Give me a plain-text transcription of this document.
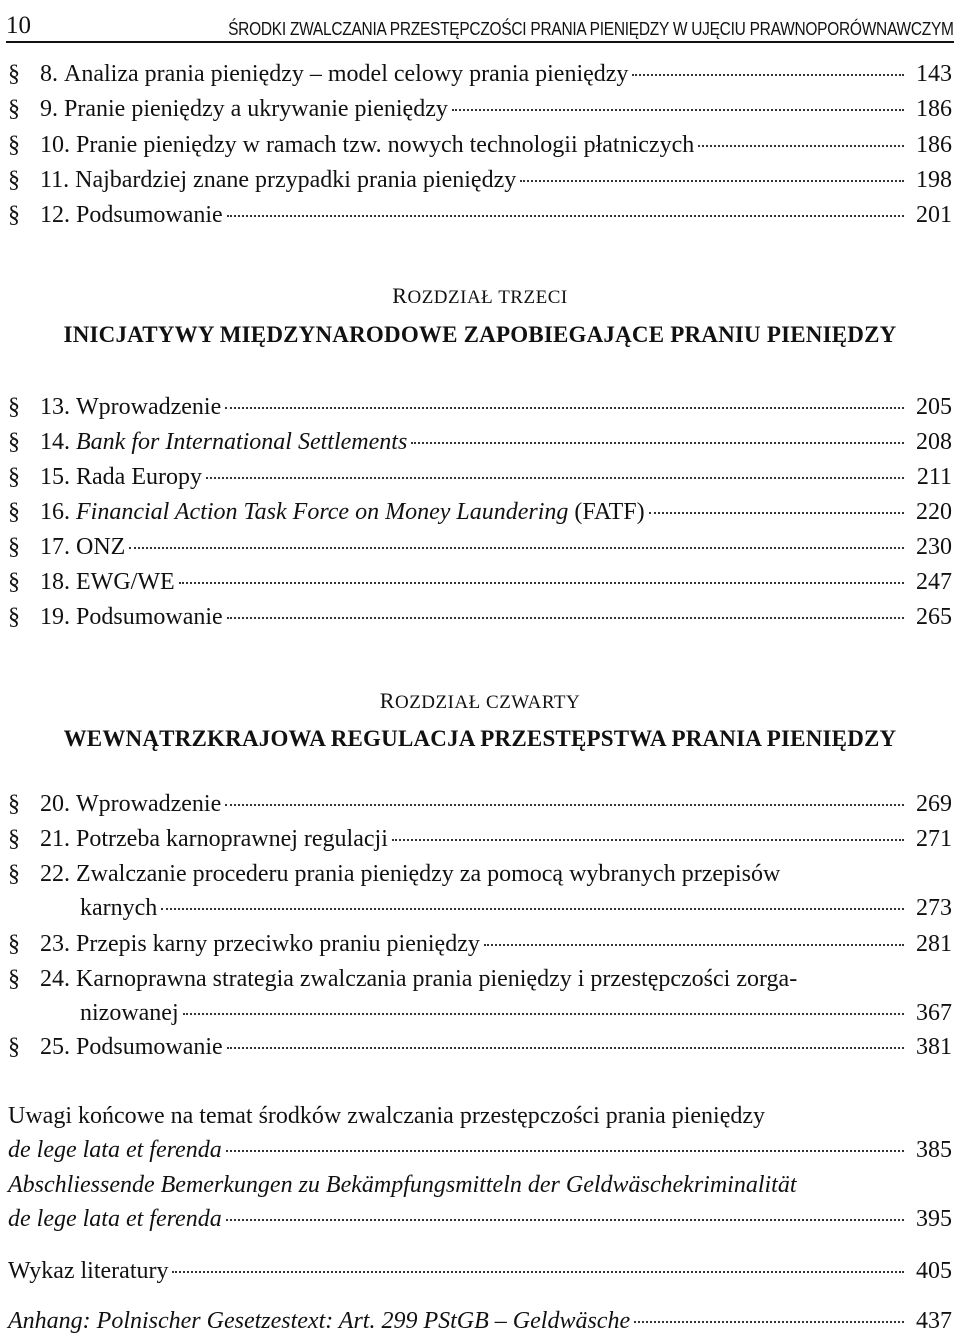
10	ŚRODKI ZWALCZANIA PRZESTĘPCZOŚCI PRANIA PIENIĘDZY W UJĘCIU PRAWNOPORÓWNAWCZYM
§ 8. Analiza prania pieniędzy – model celowy prania pieniędzy	143
§ 9. Pranie pieniędzy a ukrywanie pieniędzy	186
§ 10. Pranie pieniędzy w ramach tzw. nowych technologii płatniczych	186
§ 11. Najbardziej znane przypadki prania pieniędzy	198
§ 12. Podsumowanie	201
ROZDZIAŁ TRZECI
INICJATYWY MIĘDZYNARODOWE ZAPOBIEGAJĄCE PRANIU PIENIĘDZY
§ 13. Wprowadzenie	205
§ 14. Bank for International Settlements	208
§ 15. Rada Europy	211
§ 16. Financial Action Task Force on Money Laundering (FATF)	220
§ 17. ONZ	230
§ 18. EWG/WE	247
§ 19. Podsumowanie	265
ROZDZIAŁ CZWARTY
WEWNĄTRZKRAJOWA REGULACJA PRZESTĘPSTWA PRANIA PIENIĘDZY
§ 20. Wprowadzenie	269
§ 21. Potrzeba karnoprawnej regulacji	271
§ 22. Zwalczanie procederu prania pieniędzy za pomocą wybranych przepisów
karnych	273
§ 23. Przepis karny przeciwko praniu pieniędzy	281
§ 24. Karnoprawna strategia zwalczania prania pieniędzy i przestępczości zorga-
nizowanej	367
§ 25. Podsumowanie	381
Uwagi końcowe na temat środków zwalczania przestępczości prania pieniędzy
de lege lata et ferenda	385
Abschliessende Bemerkungen zu Bekämpfungsmitteln der Geldwäschekriminalität
de lege lata et ferenda	395
Wykaz literatury	405
Anhang: Polnischer Gesetzestext: Art. 299 PStGB – Geldwäsche	437
